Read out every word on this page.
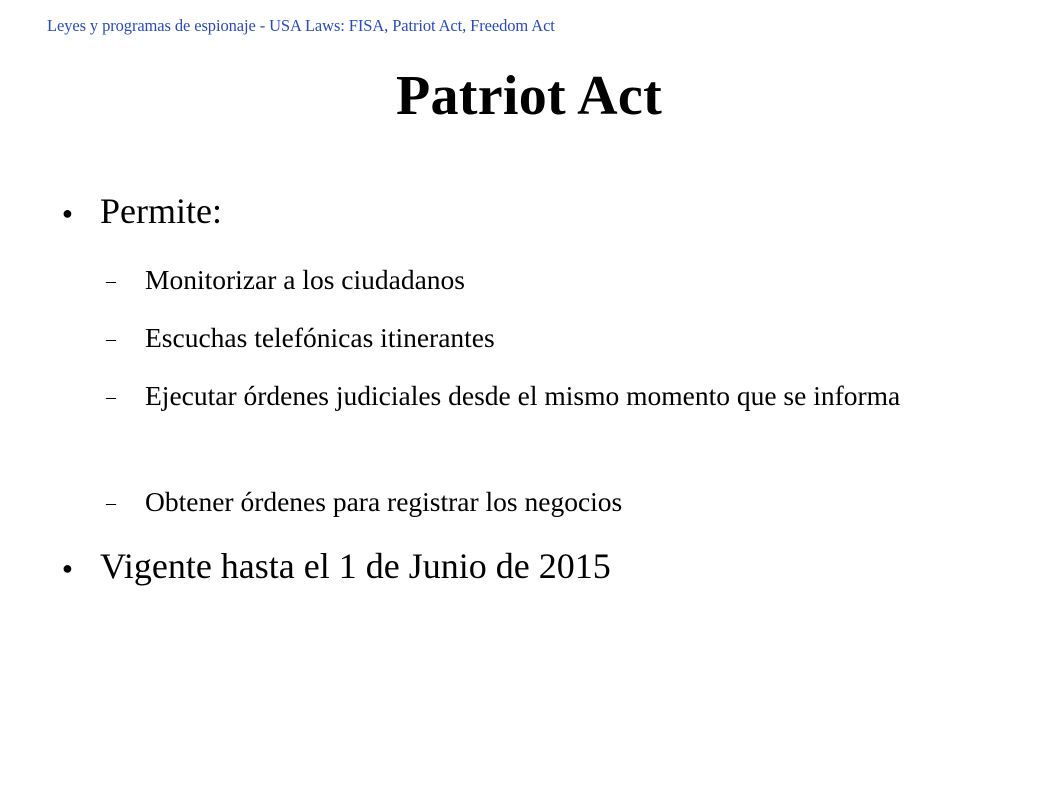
Leyes y programas de espionaje - USA Laws: FISA, Patriot Act, Freedom Act
Patriot Act
● Permite:
–	Monitorizar a los ciudadanos
–	Escuchas telefónicas itinerantes
–	Ejecutar órdenes judiciales desde el mismo momento que se informa
–	Obtener órdenes para registrar los negocios
● Vigente hasta el 1 de Junio de 2015
